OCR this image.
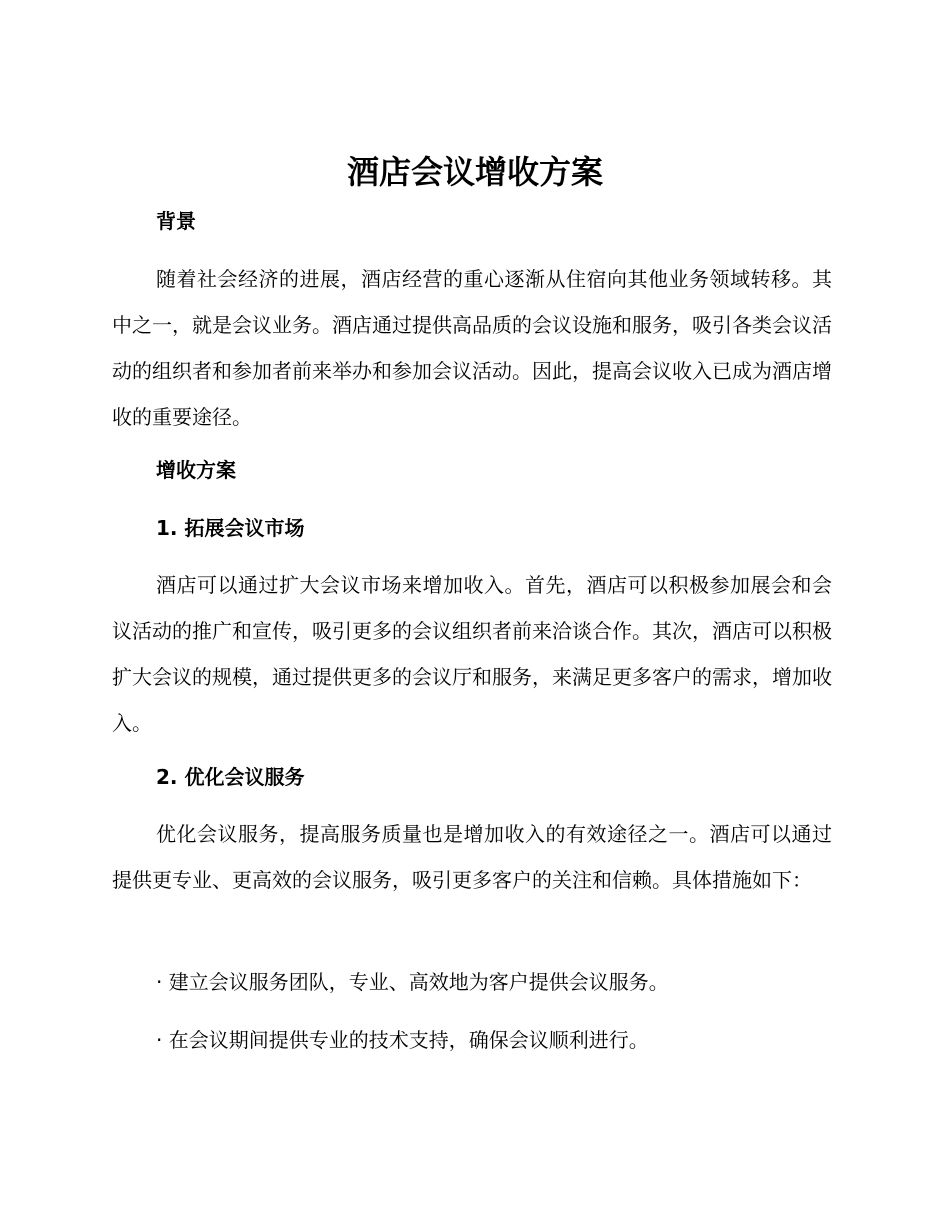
酒店会议增收方案
背景
随着社会经济的进展，酒店经营的重心逐渐从住宿向其他业务领域转移。其中之一，就是会议业务。酒店通过提供高品质的会议设施和服务，吸引各类会议活动的组织者和参加者前来举办和参加会议活动。因此，提高会议收入已成为酒店增收的重要途径。
增收方案
1. 拓展会议市场
酒店可以通过扩大会议市场来增加收入。首先，酒店可以积极参加展会和会议活动的推广和宣传，吸引更多的会议组织者前来洽谈合作。其次，酒店可以积极扩大会议的规模，通过提供更多的会议厅和服务，来满足更多客户的需求，增加收入。
2. 优化会议服务
优化会议服务，提高服务质量也是增加收入的有效途径之一。酒店可以通过提供更专业、更高效的会议服务，吸引更多客户的关注和信赖。具体措施如下：
· 建立会议服务团队，专业、高效地为客户提供会议服务。
· 在会议期间提供专业的技术支持，确保会议顺利进行。
